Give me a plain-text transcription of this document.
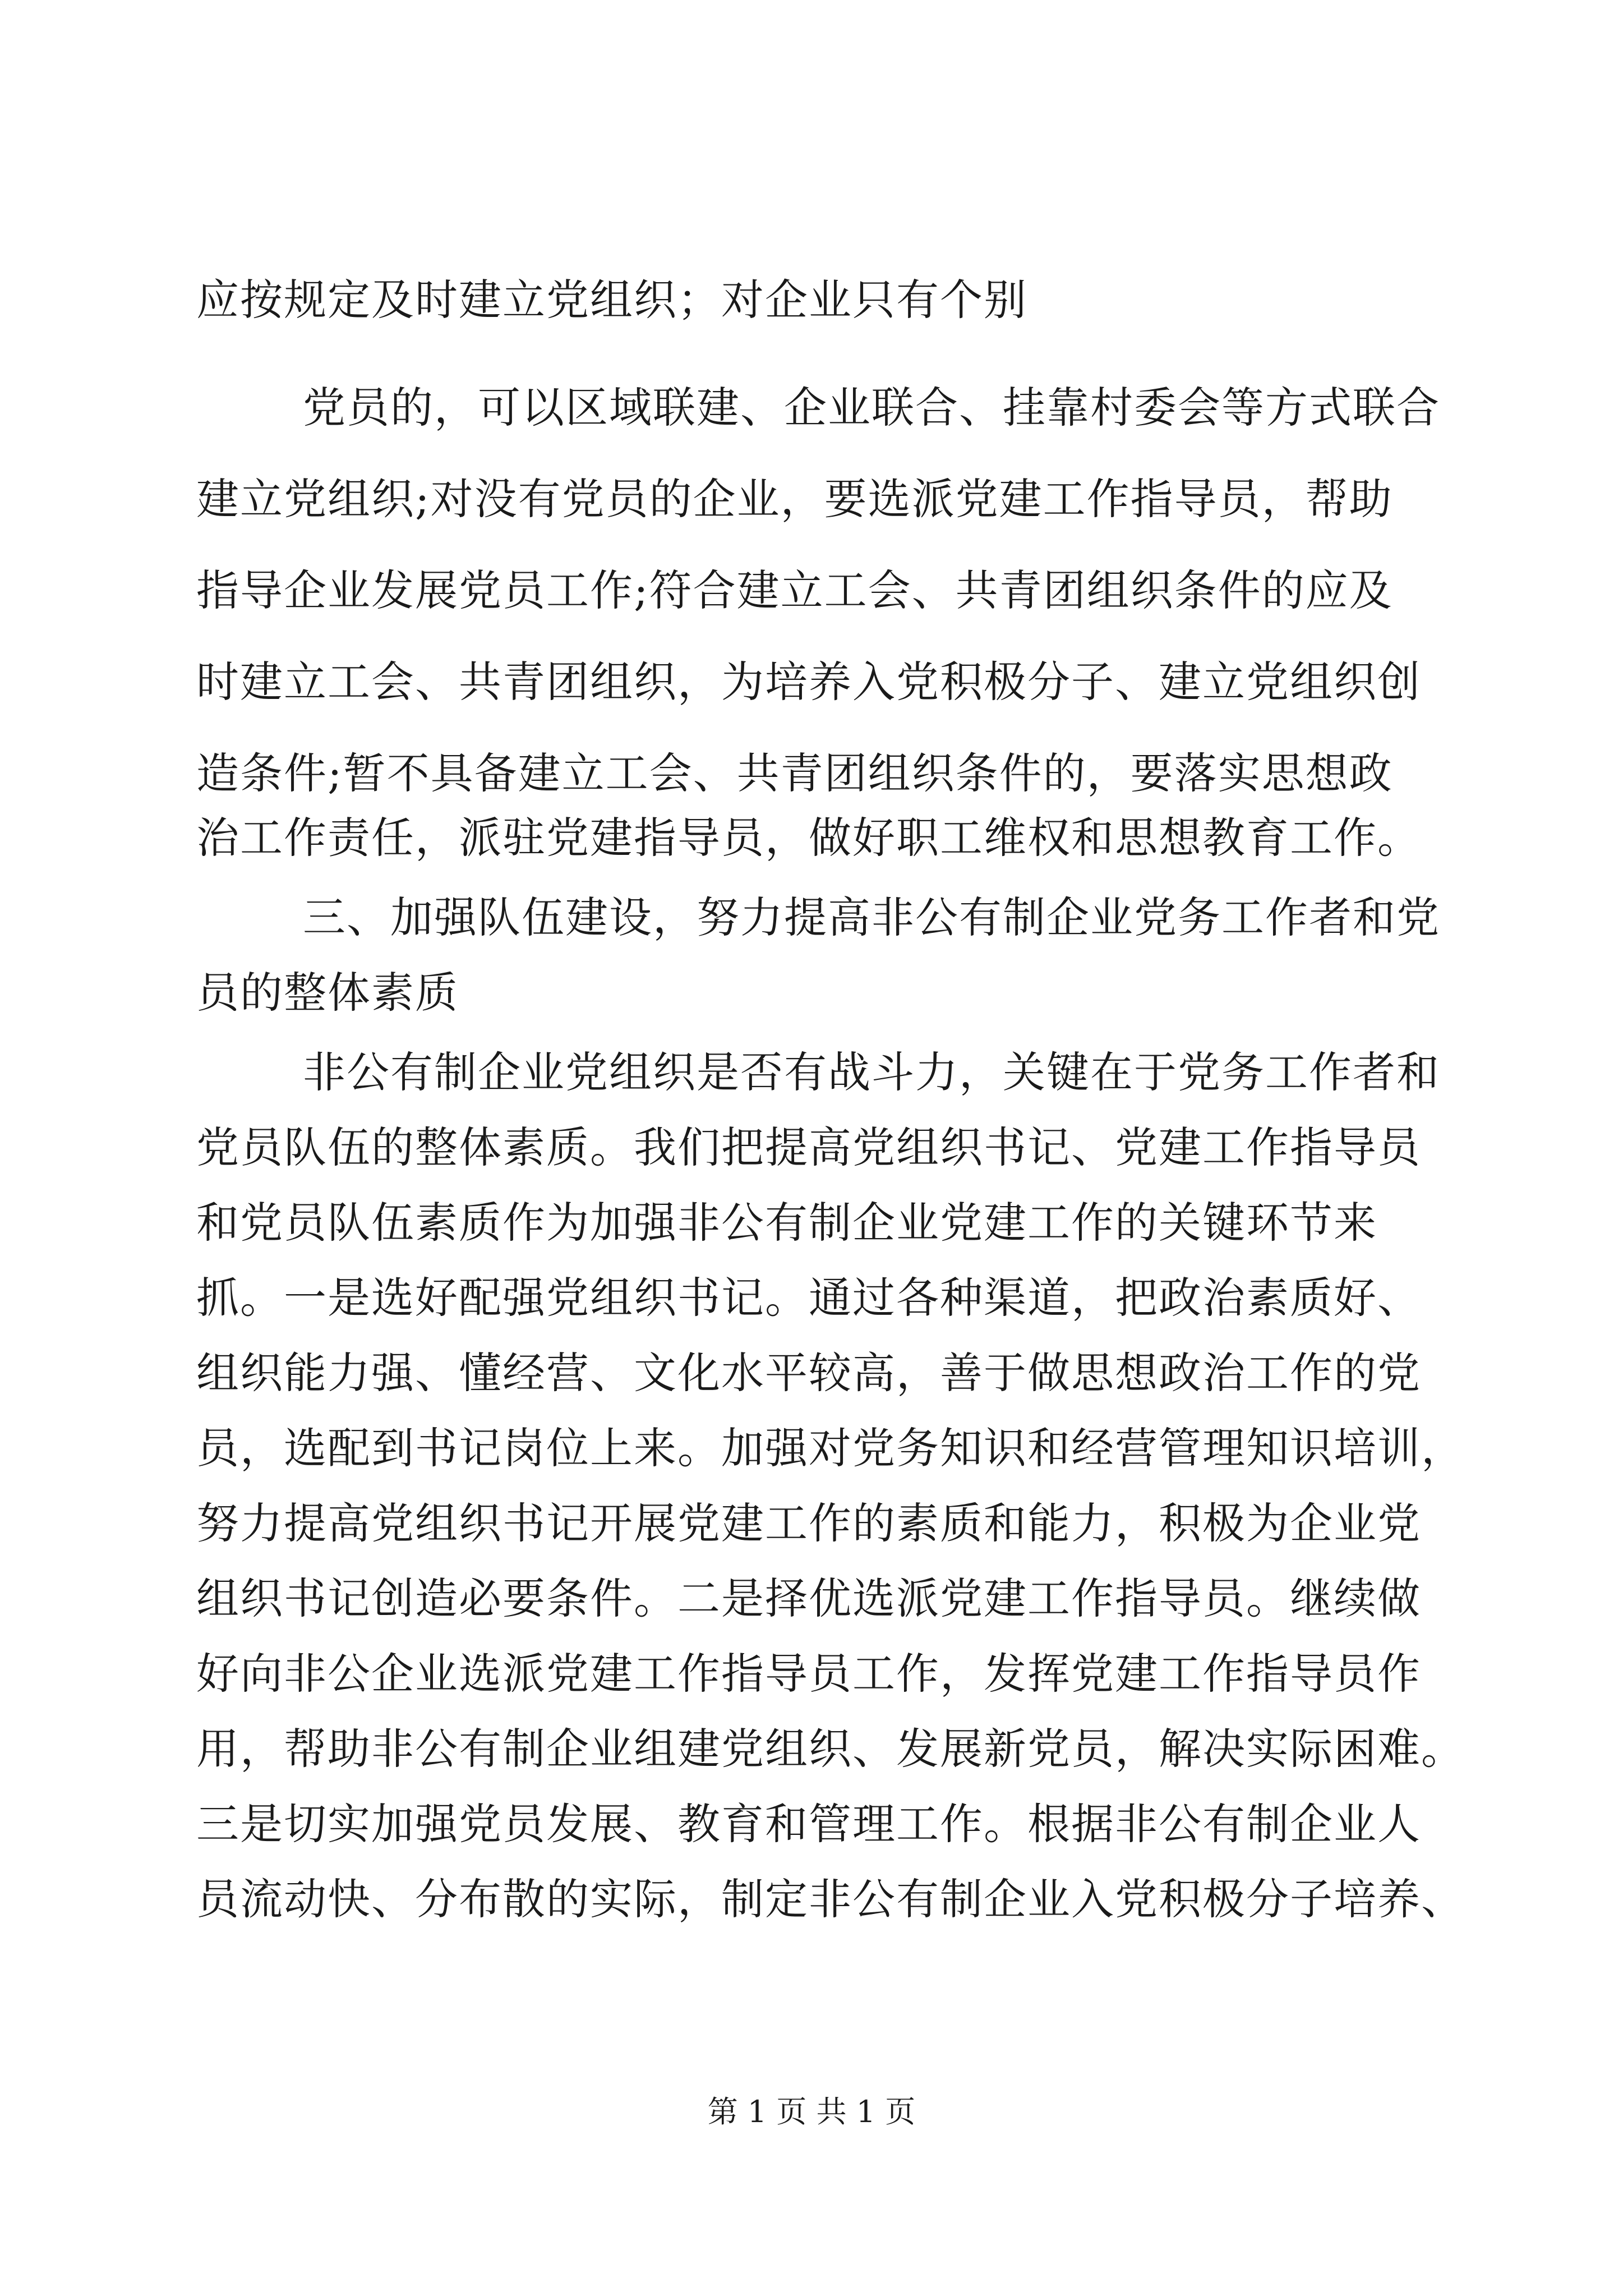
应按规定及时建立党组织；对企业只有个别
党员的，可以区域联建、企业联合、挂靠村委会等方式联合
建立党组织;对没有党员的企业，要选派党建工作指导员，帮助
指导企业发展党员工作;符合建立工会、共青团组织条件的应及
时建立工会、共青团组织，为培养入党积极分子、建立党组织创
造条件;暂不具备建立工会、共青团组织条件的，要落实思想政
治工作责任，派驻党建指导员，做好职工维权和思想教育工作。
三、加强队伍建设，努力提高非公有制企业党务工作者和党
员的整体素质
非公有制企业党组织是否有战斗力，关键在于党务工作者和
党员队伍的整体素质。我们把提高党组织书记、党建工作指导员
和党员队伍素质作为加强非公有制企业党建工作的关键环节来
抓。一是选好配强党组织书记。通过各种渠道，把政治素质好、
组织能力强、懂经营、文化水平较高，善于做思想政治工作的党
员，选配到书记岗位上来。加强对党务知识和经营管理知识培训，
努力提高党组织书记开展党建工作的素质和能力，积极为企业党
组织书记创造必要条件。二是择优选派党建工作指导员。继续做
好向非公企业选派党建工作指导员工作，发挥党建工作指导员作
用，帮助非公有制企业组建党组织、发展新党员，解决实际困难。
三是切实加强党员发展、教育和管理工作。根据非公有制企业人
员流动快、分布散的实际，制定非公有制企业入党积极分子培养、
第 1 页 共 1 页
